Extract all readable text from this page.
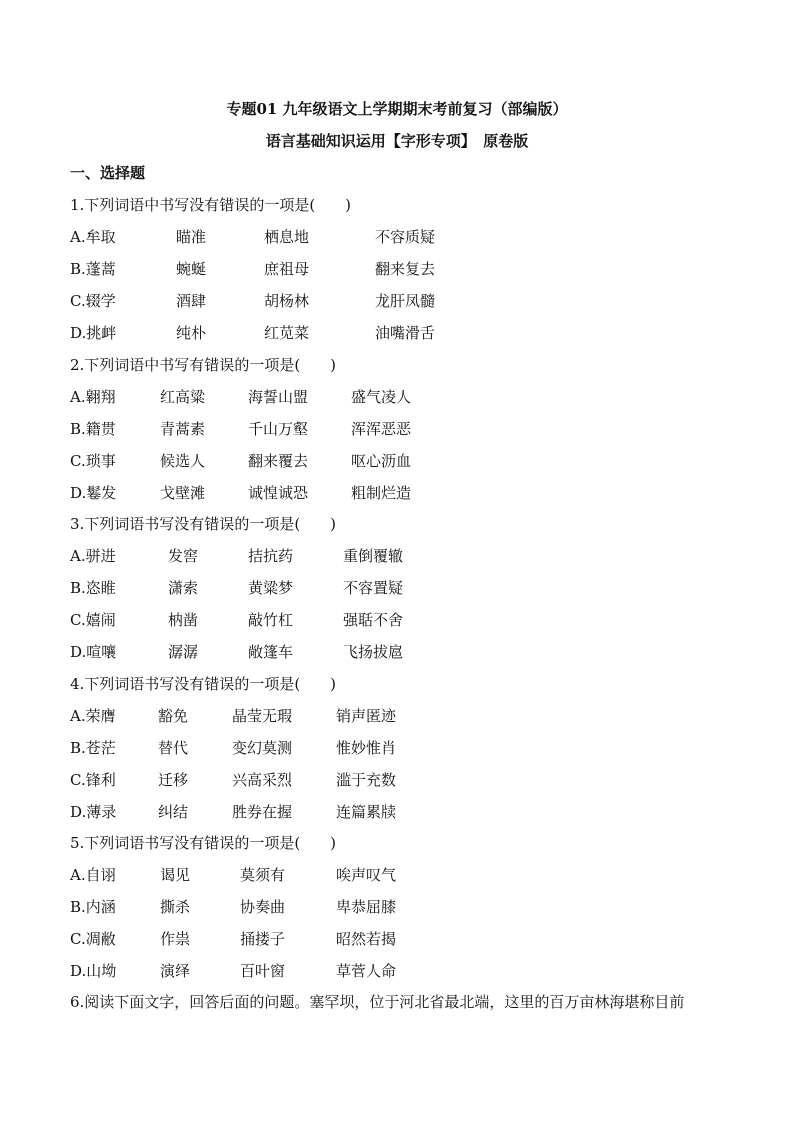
专题01 九年级语文上学期期末考前复习（部编版）
语言基础知识运用【字形专项】　原卷版
一、选择题
1.下列词语中书写没有错误的一项是(　　)
A.牟取	瞄准	栖息地	不容质疑
B.蓬蒿	蜿蜒	庶祖母	翻来复去
C.辍学	酒肆	胡杨林	龙肝凤髓
D.挑衅	纯朴	红苋菜	油嘴滑舌
2.下列词语中书写有错误的一项是(　　)
A.翱翔	红高粱	海誓山盟	盛气凌人
B.籍贯	青蒿素	千山万壑	浑浑恶恶
C.琐事	候选人	翻来覆去	呕心沥血
D.鬈发	戈壁滩	诚惶诚恐	粗制烂造
3.下列词语书写没有错误的一项是(　　)
A.骈进	发窖	拮抗药	重倒覆辙
B.恣睢	潇索	黄粱梦	不容置疑
C.嬉闹	枘凿	敲竹杠	强聒不舍
D.喧嚷	潺潺	敞篷车	飞扬拔扈
4.下列词语书写没有错误的一项是(　　)
A.荣膺	豁免	晶莹无瑕	销声匿迹
B.苍茫	替代	变幻莫测	惟妙惟肖
C.锋利	迁移	兴高采烈	滥于充数
D.薄录	纠结	胜券在握	连篇累牍
5.下列词语书写没有错误的一项是(　　)
A.自诩	谒见	莫须有	唉声叹气
B.内涵	撕杀	协奏曲	卑恭屈膝
C.凋敝	作祟	捅搂子	昭然若揭
D.山坳	演绎	百叶窗	草菅人命
6.阅读下面文字，回答后面的问题。塞罕坝，位于河北省最北端，这里的百万亩林海堪称目前
